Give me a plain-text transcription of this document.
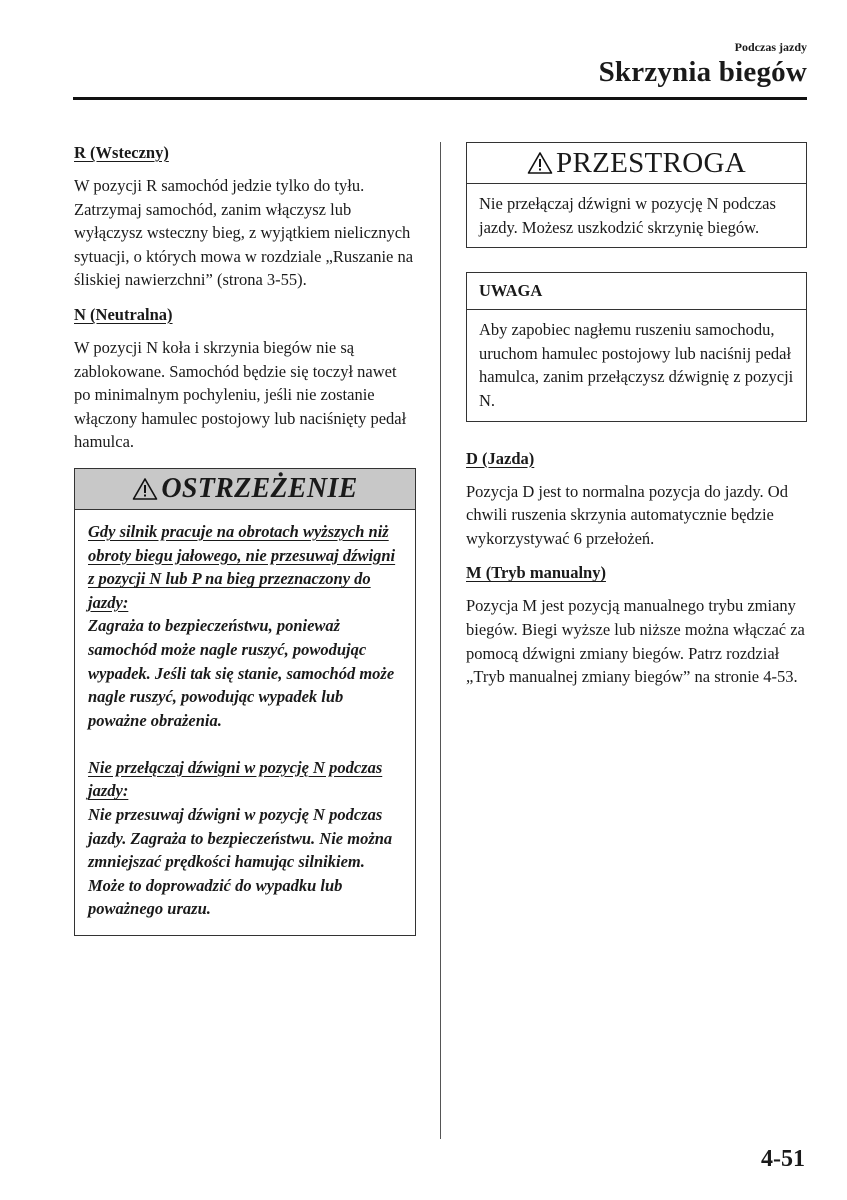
Podczas jazdy
Skrzynia biegów
R (Wsteczny)

W pozycji R samochód jedzie tylko do tyłu. Zatrzymaj samochód, zanim włączysz lub wyłączysz wsteczny bieg, z wyjątkiem nielicznych sytuacji, o których mowa w rozdziale „Ruszanie na śliskiej nawierzchni” (strona 3-55).

N (Neutralna)

W pozycji N koła i skrzynia biegów nie są zablokowane. Samochód będzie się toczył nawet po minimalnym pochyleniu, jeśli nie zostanie włączony hamulec postojowy lub naciśnięty pedał hamulca.

OSTRZEŻENIE
Gdy silnik pracuje na obrotach wyższych niż obroty biegu jałowego, nie przesuwaj dźwigni z pozycji N lub P na bieg przeznaczony do jazdy:
Zagraża to bezpieczeństwu, ponieważ samochód może nagle ruszyć, powodując wypadek. Jeśli tak się stanie, samochód może nagle ruszyć, powodując wypadek lub poważne obrażenia.
Nie przełączaj dźwigni w pozycję N podczas jazdy:
Nie przesuwaj dźwigni w pozycję N podczas jazdy. Zagraża to bezpieczeństwu. Nie można zmniejszać prędkości hamując silnikiem. Może to doprowadzić do wypadku lub poważnego urazu.
PRZESTROGA
Nie przełączaj dźwigni w pozycję N podczas jazdy. Możesz uszkodzić skrzynię biegów.
UWAGA
Aby zapobiec nagłemu ruszeniu samochodu, uruchom hamulec postojowy lub naciśnij pedał hamulca, zanim przełączysz dźwignię z pozycji N.
D (Jazda)

Pozycja D jest to normalna pozycja do jazdy. Od chwili ruszenia skrzynia automatycznie będzie wykorzystywać 6 przełożeń.

M (Tryb manualny)

Pozycja M jest pozycją manualnego trybu zmiany biegów. Biegi wyższe lub niższe można włączać za pomocą dźwigni zmiany biegów. Patrz rozdział „Tryb manualnej zmiany biegów” na stronie 4-53.

4-51
